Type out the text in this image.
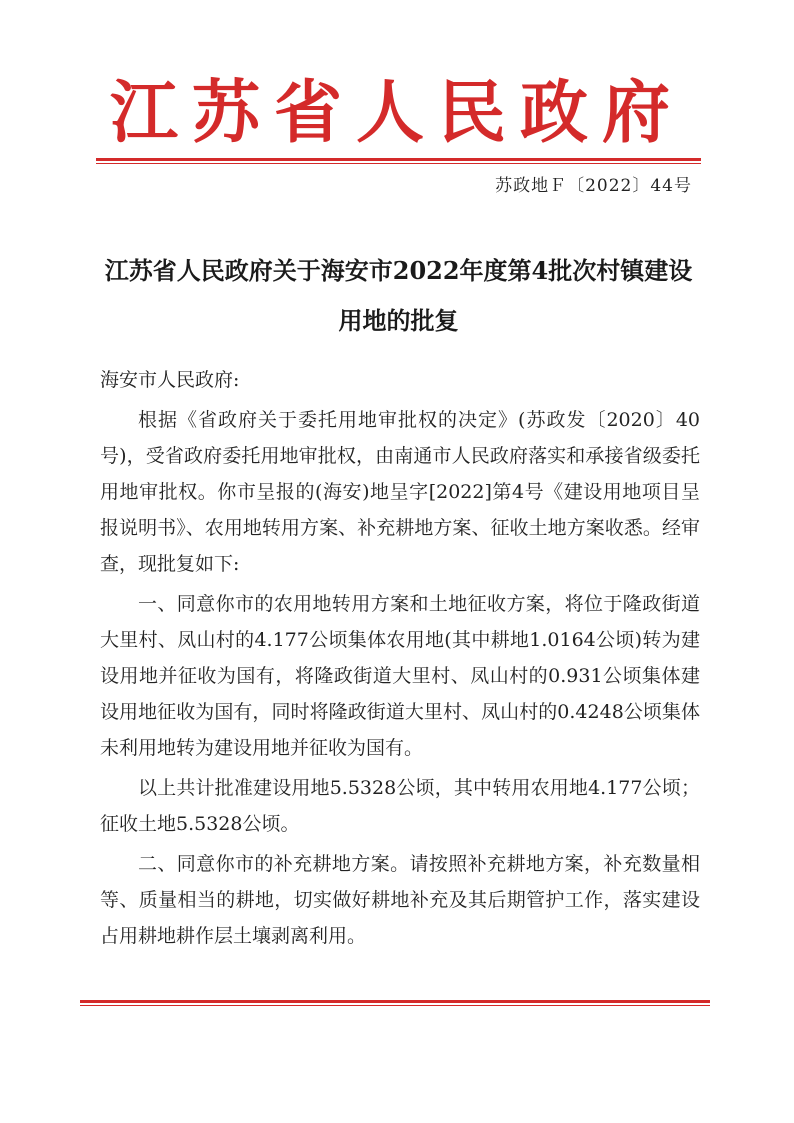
江苏省人民政府
苏政地Ｆ〔2022〕44号
江苏省人民政府关于海安市2022年度第4批次村镇建设用地的批复

海安市人民政府:

根据《省政府关于委托用地审批权的决定》(苏政发〔2020〕40号)，受省政府委托用地审批权，由南通市人民政府落实和承接省级委托用地审批权。你市呈报的(海安)地呈字[2022]第4号《建设用地项目呈报说明书》、农用地转用方案、补充耕地方案、征收土地方案收悉。经审查，现批复如下:

一、同意你市的农用地转用方案和土地征收方案，将位于隆政街道大里村、凤山村的4.177公顷集体农用地(其中耕地1.0164公顷)转为建设用地并征收为国有，将隆政街道大里村、凤山村的0.931公顷集体建设用地征收为国有，同时将隆政街道大里村、凤山村的0.4248公顷集体未利用地转为建设用地并征收为国有。

以上共计批准建设用地5.5328公顷，其中转用农用地4.177公顷；征收土地5.5328公顷。

二、同意你市的补充耕地方案。请按照补充耕地方案，补充数量相等、质量相当的耕地，切实做好耕地补充及其后期管护工作，落实建设占用耕地耕作层土壤剥离利用。
